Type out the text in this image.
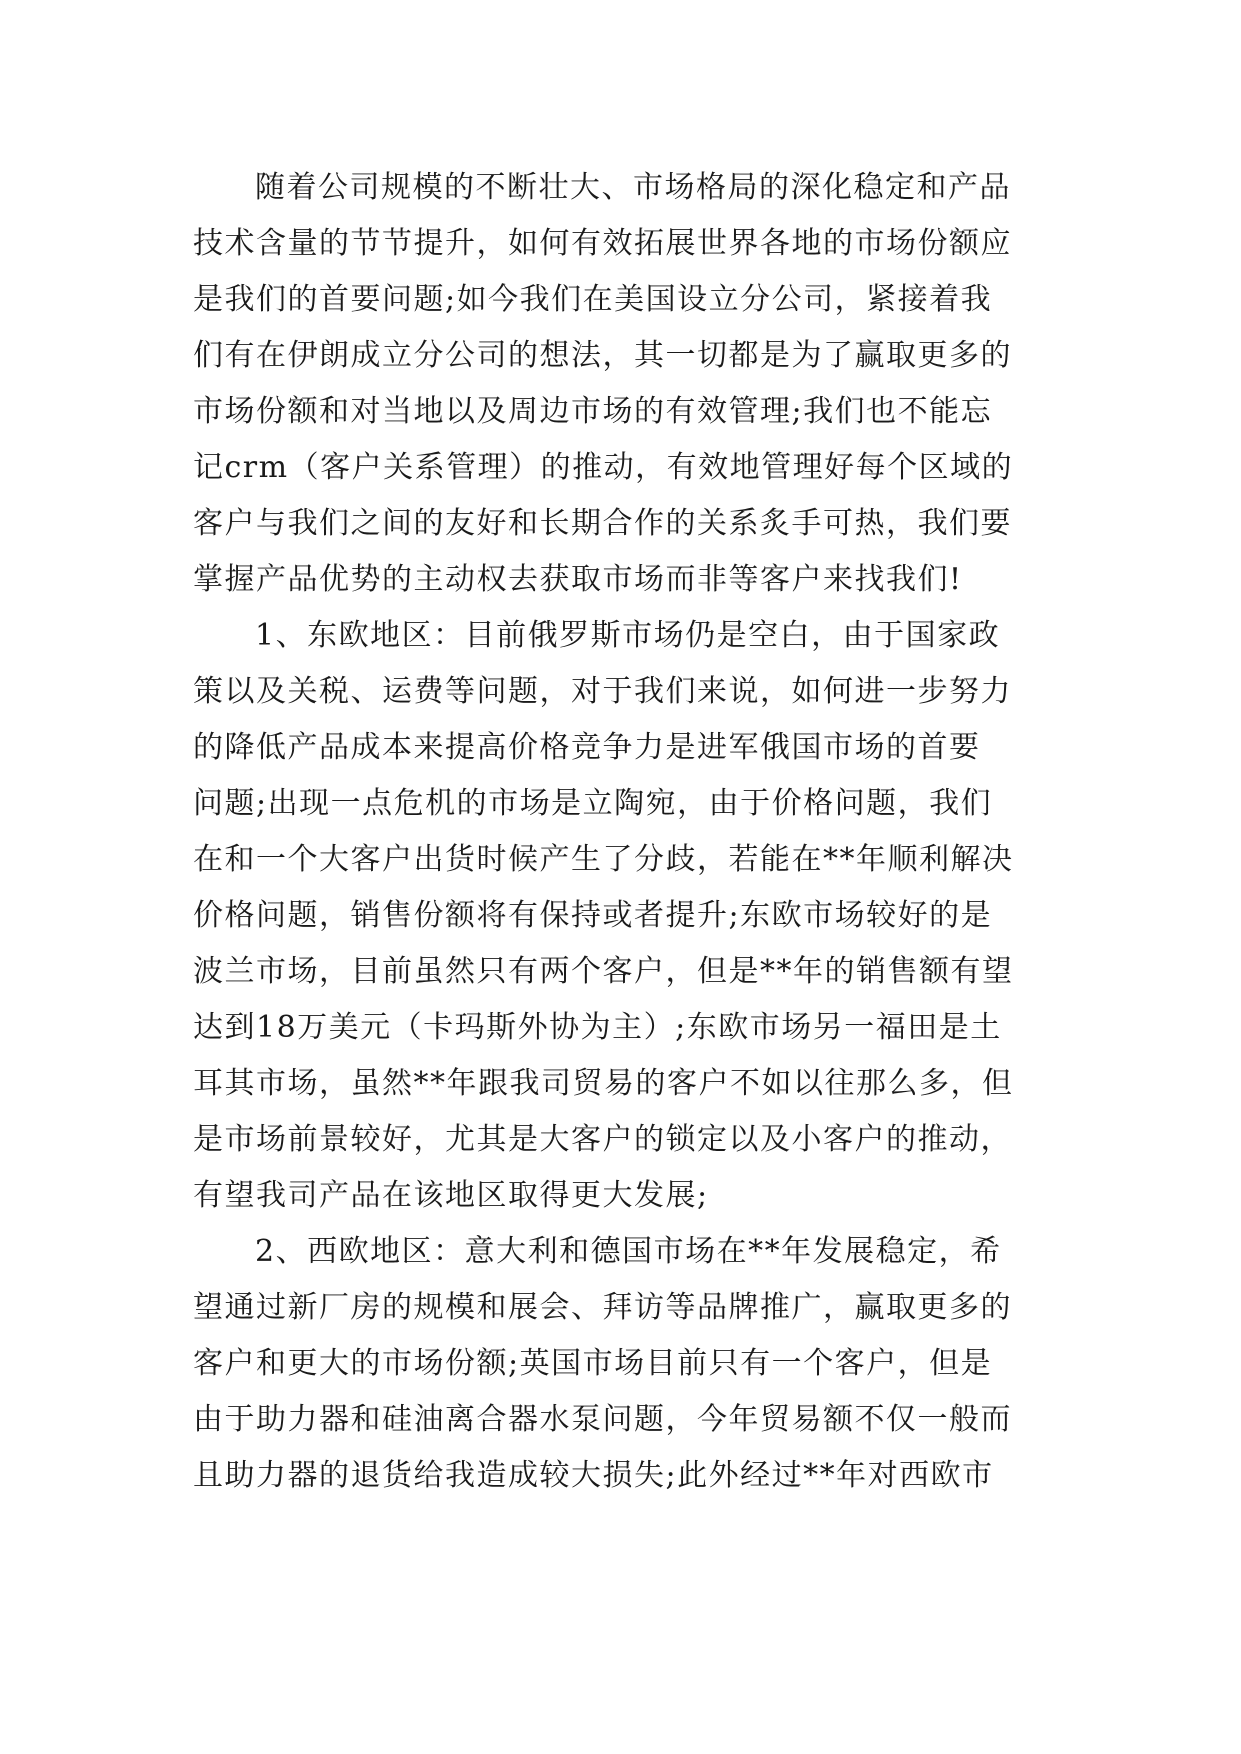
随着公司规模的不断壮大、市场格局的深化稳定和产品
技术含量的节节提升，如何有效拓展世界各地的市场份额应
是我们的首要问题;如今我们在美国设立分公司，紧接着我
们有在伊朗成立分公司的想法，其一切都是为了赢取更多的
市场份额和对当地以及周边市场的有效管理;我们也不能忘
记crm（客户关系管理）的推动，有效地管理好每个区域的
客户与我们之间的友好和长期合作的关系炙手可热，我们要
掌握产品优势的主动权去获取市场而非等客户来找我们!
1、东欧地区：目前俄罗斯市场仍是空白，由于国家政
策以及关税、运费等问题，对于我们来说，如何进一步努力
的降低产品成本来提高价格竞争力是进军俄国市场的首要
问题;出现一点危机的市场是立陶宛，由于价格问题，我们
在和一个大客户出货时候产生了分歧，若能在**年顺利解决
价格问题，销售份额将有保持或者提升;东欧市场较好的是
波兰市场，目前虽然只有两个客户，但是**年的销售额有望
达到18万美元（卡玛斯外协为主）;东欧市场另一福田是土
耳其市场，虽然**年跟我司贸易的客户不如以往那么多，但
是市场前景较好，尤其是大客户的锁定以及小客户的推动，
有望我司产品在该地区取得更大发展;
2、西欧地区：意大利和德国市场在**年发展稳定，希
望通过新厂房的规模和展会、拜访等品牌推广，赢取更多的
客户和更大的市场份额;英国市场目前只有一个客户，但是
由于助力器和硅油离合器水泵问题，今年贸易额不仅一般而
且助力器的退货给我造成较大损失;此外经过**年对西欧市
